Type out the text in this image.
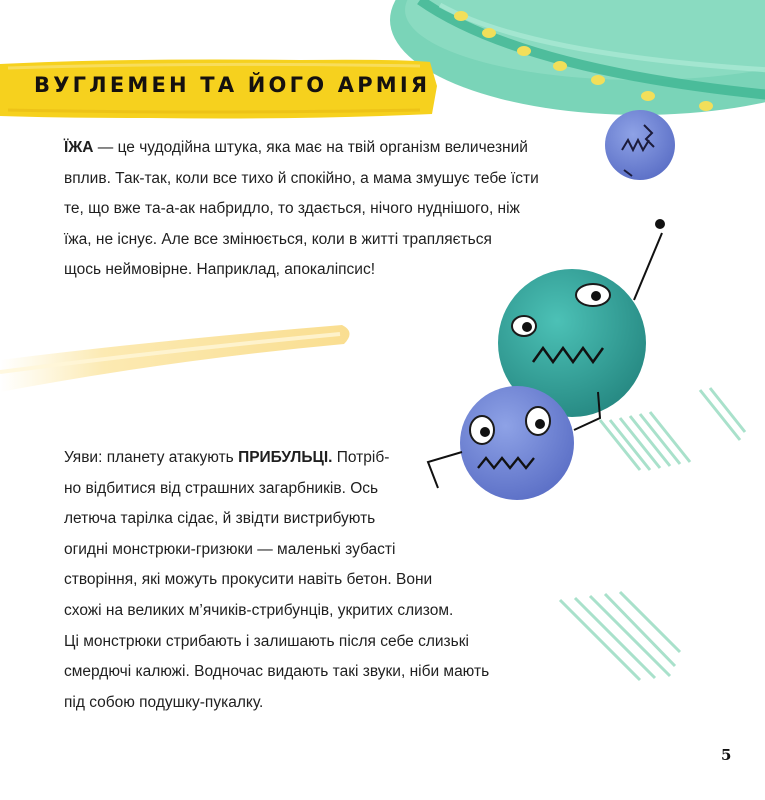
ВУГЛЕМЕН ТА ЙОГО АРМІЯ
ЇЖА — це чудодійна штука, яка має на твій організм величезний
вплив. Так-так, коли все тихо й спокійно, а мама змушує тебе їсти
те, що вже та-а-ак набридло, то здається, нічого нуднішого, ніж
їжа, не існує. Але все змінюється, коли в житті трапляється
щось неймовірне. Наприклад, апокаліпсис!
Уяви: планету атакують ПРИБУЛЬЦІ. Потріб-
но відбитися від страшних загарбників. Ось
летюча тарілка сідає, й звідти вистрибують
огидні монстрюки-гризюки — маленькі зубасті
створіння, які можуть прокусити навіть бетон. Вони
схожі на великих м’ячиків-стрибунців, укритих слизом.
Ці монстрюки стрибають і залишають після себе слизькі
смердючі калюжі. Водночас видають такі звуки, ніби мають
під собою подушку-пукалку.
5
